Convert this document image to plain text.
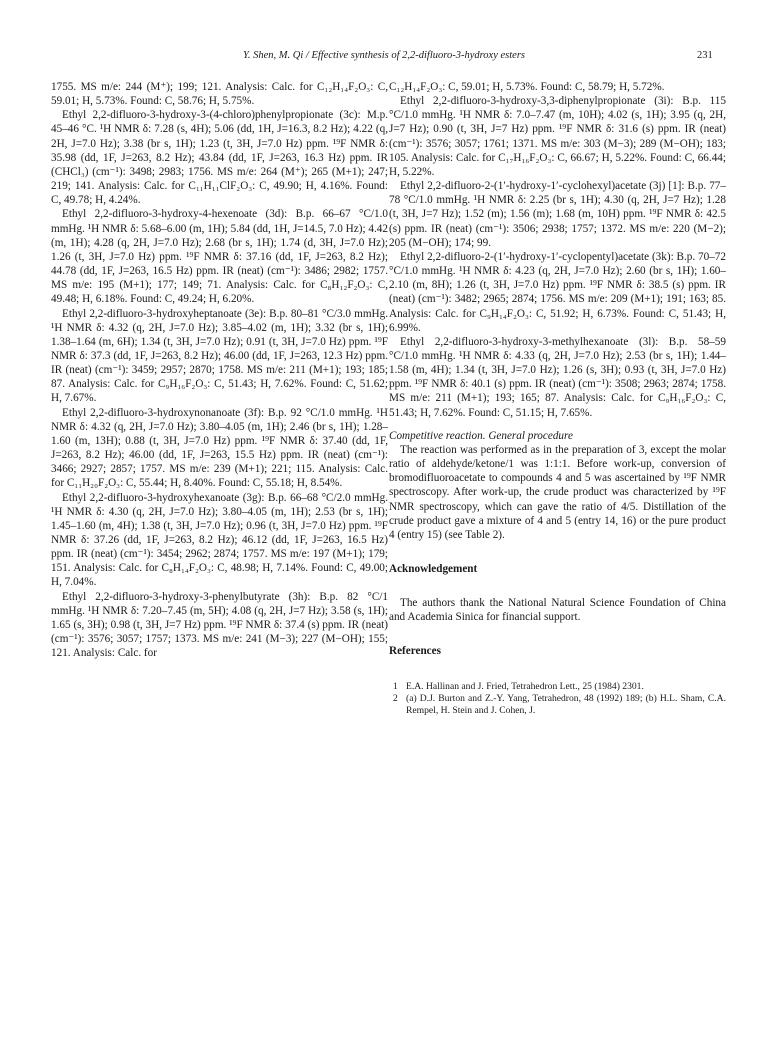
Y. Shen, M. Qi / Effective synthesis of 2,2-difluoro-3-hydroxy esters	231

1755. MS m/e: 244 (M⁺); 199; 121. Analysis: Calc. for C₁₂H₁₄F₂O₃: C, 59.01; H, 5.73%. Found: C, 58.76; H, 5.75%.

Ethyl 2,2-difluoro-3-hydroxy-3-(4-chloro)phenylpropionate (3c): M.p. 45–46 °C. ¹H NMR δ: 7.28 (s, 4H); 5.06 (dd, 1H, J=16.3, 8.2 Hz); 4.22 (q, 2H, J=7.0 Hz); 3.38 (br s, 1H); 1.23 (t, 3H, J=7.0 Hz) ppm. ¹⁹F NMR δ: 35.98 (dd, 1F, J=263, 8.2 Hz); 43.84 (dd, 1F, J=263, 16.3 Hz) ppm. IR (CHCl₃) (cm⁻¹): 3498; 2983; 1756. MS m/e: 264 (M⁺); 265 (M+1); 247; 219; 141. Analysis: Calc. for C₁₁H₁₁ClF₂O₃: C, 49.90; H, 4.16%. Found: C, 49.78; H, 4.24%.

Ethyl 2,2-difluoro-3-hydroxy-4-hexenoate (3d): B.p. 66–67 °C/1.0 mmHg. ¹H NMR δ: 5.68–6.00 (m, 1H); 5.84 (dd, 1H, J=14.5, 7.0 Hz); 4.42 (m, 1H); 4.28 (q, 2H, J=7.0 Hz); 2.68 (br s, 1H); 1.74 (d, 3H, J=7.0 Hz); 1.26 (t, 3H, J=7.0 Hz) ppm. ¹⁹F NMR δ: 37.16 (dd, 1F, J=263, 8.2 Hz); 44.78 (dd, 1F, J=263, 16.5 Hz) ppm. IR (neat) (cm⁻¹): 3486; 2982; 1757. MS m/e: 195 (M+1); 177; 149; 71. Analysis: Calc. for C₈H₁₂F₂O₃: C, 49.48; H, 6.18%. Found: C, 49.24; H, 6.20%.

Ethyl 2,2-difluoro-3-hydroxyheptanoate (3e): B.p. 80–81 °C/3.0 mmHg. ¹H NMR δ: 4.32 (q, 2H, J=7.0 Hz); 3.85–4.02 (m, 1H); 3.32 (br s, 1H); 1.38–1.64 (m, 6H); 1.34 (t, 3H, J=7.0 Hz); 0.91 (t, 3H, J=7.0 Hz) ppm. ¹⁹F NMR δ: 37.3 (dd, 1F, J=263, 8.2 Hz); 46.00 (dd, 1F, J=263, 12.3 Hz) ppm. IR (neat) (cm⁻¹): 3459; 2957; 2870; 1758. MS m/e: 211 (M+1); 193; 185; 87. Analysis: Calc. for C₉H₁₆F₂O₃: C, 51.43; H, 7.62%. Found: C, 51.62; H, 7.67%.

Ethyl 2,2-difluoro-3-hydroxynonanoate (3f): B.p. 92 °C/1.0 mmHg. ¹H NMR δ: 4.32 (q, 2H, J=7.0 Hz); 3.80–4.05 (m, 1H); 2.46 (br s, 1H); 1.28–1.60 (m, 13H); 0.88 (t, 3H, J=7.0 Hz) ppm. ¹⁹F NMR δ: 37.40 (dd, 1F, J=263, 8.2 Hz); 46.00 (dd, 1F, J=263, 15.5 Hz) ppm. IR (neat) (cm⁻¹): 3466; 2927; 2857; 1757. MS m/e: 239 (M+1); 221; 115. Analysis: Calc. for C₁₁H₂₀F₂O₃: C, 55.44; H, 8.40%. Found: C, 55.18; H, 8.54%.

Ethyl 2,2-difluoro-3-hydroxyhexanoate (3g): B.p. 66–68 °C/2.0 mmHg. ¹H NMR δ: 4.30 (q, 2H, J=7.0 Hz); 3.80–4.05 (m, 1H); 2.53 (br s, 1H); 1.45–1.60 (m, 4H); 1.38 (t, 3H, J=7.0 Hz); 0.96 (t, 3H, J=7.0 Hz) ppm. ¹⁹F NMR δ: 37.26 (dd, 1F, J=263, 8.2 Hz); 46.12 (dd, 1F, J=263, 16.5 Hz) ppm. IR (neat) (cm⁻¹): 3454; 2962; 2874; 1757. MS m/e: 197 (M+1); 179; 151. Analysis: Calc. for C₈H₁₄F₂O₃: C, 48.98; H, 7.14%. Found: C, 49.00; H, 7.04%.

Ethyl 2,2-difluoro-3-hydroxy-3-phenylbutyrate (3h): B.p. 82 °C/1 mmHg. ¹H NMR δ: 7.20–7.45 (m, 5H); 4.08 (q, 2H, J=7 Hz); 3.58 (s, 1H); 1.65 (s, 3H); 0.98 (t, 3H, J=7 Hz) ppm. ¹⁹F NMR δ: 37.4 (s) ppm. IR (neat) (cm⁻¹): 3576; 3057; 1757; 1373. MS m/e: 241 (M−3); 227 (M−OH); 155; 121. Analysis: Calc. for

C₁₂H₁₄F₂O₃: C, 59.01; H, 5.73%. Found: C, 58.79; H, 5.72%.

Ethyl 2,2-difluoro-3-hydroxy-3,3-diphenylpropionate (3i): B.p. 115 °C/1.0 mmHg. ¹H NMR δ: 7.0–7.47 (m, 10H); 4.02 (s, 1H); 3.95 (q, 2H, J=7 Hz); 0.90 (t, 3H, J=7 Hz) ppm. ¹⁹F NMR δ: 31.6 (s) ppm. IR (neat) (cm⁻¹): 3576; 3057; 1761; 1371. MS m/e: 303 (M−3); 289 (M−OH); 183; 105. Analysis: Calc. for C₁₇H₁₆F₂O₃: C, 66.67; H, 5.22%. Found: C, 66.44; H, 5.22%.

Ethyl 2,2-difluoro-2-(1′-hydroxy-1′-cyclohexyl)acetate (3j) [1]: B.p. 77–78 °C/1.0 mmHg. ¹H NMR δ: 2.25 (br s, 1H); 4.30 (q, 2H, J=7 Hz); 1.28 (t, 3H, J=7 Hz); 1.52 (m); 1.56 (m); 1.68 (m, 10H) ppm. ¹⁹F NMR δ: 42.5 (s) ppm. IR (neat) (cm⁻¹): 3506; 2938; 1757; 1372. MS m/e: 220 (M−2); 205 (M−OH); 174; 99.

Ethyl 2,2-difluoro-2-(1′-hydroxy-1′-cyclopentyl)acetate (3k): B.p. 70–72 °C/1.0 mmHg. ¹H NMR δ: 4.23 (q, 2H, J=7.0 Hz); 2.60 (br s, 1H); 1.60–2.10 (m, 8H); 1.26 (t, 3H, J=7.0 Hz) ppm. ¹⁹F NMR δ: 38.5 (s) ppm. IR (neat) (cm⁻¹): 3482; 2965; 2874; 1756. MS m/e: 209 (M+1); 191; 163; 85. Analysis: Calc. for C₉H₁₄F₂O₃: C, 51.92; H, 6.73%. Found: C, 51.43; H, 6.99%.

Ethyl 2,2-difluoro-3-hydroxy-3-methylhexanoate (3l): B.p. 58–59 °C/1.0 mmHg. ¹H NMR δ: 4.33 (q, 2H, J=7.0 Hz); 2.53 (br s, 1H); 1.44–1.58 (m, 4H); 1.34 (t, 3H, J=7.0 Hz); 1.26 (s, 3H); 0.93 (t, 3H, J=7.0 Hz) ppm. ¹⁹F NMR δ: 40.1 (s) ppm. IR (neat) (cm⁻¹): 3508; 2963; 2874; 1758. MS m/e: 211 (M+1); 193; 165; 87. Analysis: Calc. for C₉H₁₆F₂O₃: C, 51.43; H, 7.62%. Found: C, 51.15; H, 7.65%.

Competitive reaction. General procedure

The reaction was performed as in the preparation of 3, except the molar ratio of aldehyde/ketone/1 was 1:1:1. Before work-up, conversion of bromodifluoroacetate to compounds 4 and 5 was ascertained by ¹⁹F NMR spectroscopy. After work-up, the crude product was characterized by ¹⁹F NMR spectroscopy, which can gave the ratio of 4/5. Distillation of the crude product gave a mixture of 4 and 5 (entry 14, 16) or the pure product 4 (entry 15) (see Table 2).

Acknowledgement

The authors thank the National Natural Science Foundation of China and Academia Sinica for financial support.

References

1 E.A. Hallinan and J. Fried, Tetrahedron Lett., 25 (1984) 2301.
2 (a) D.J. Burton and Z.-Y. Yang, Tetrahedron, 48 (1992) 189; (b) H.L. Sham, C.A. Rempel, H. Stein and J. Cohen, J.
